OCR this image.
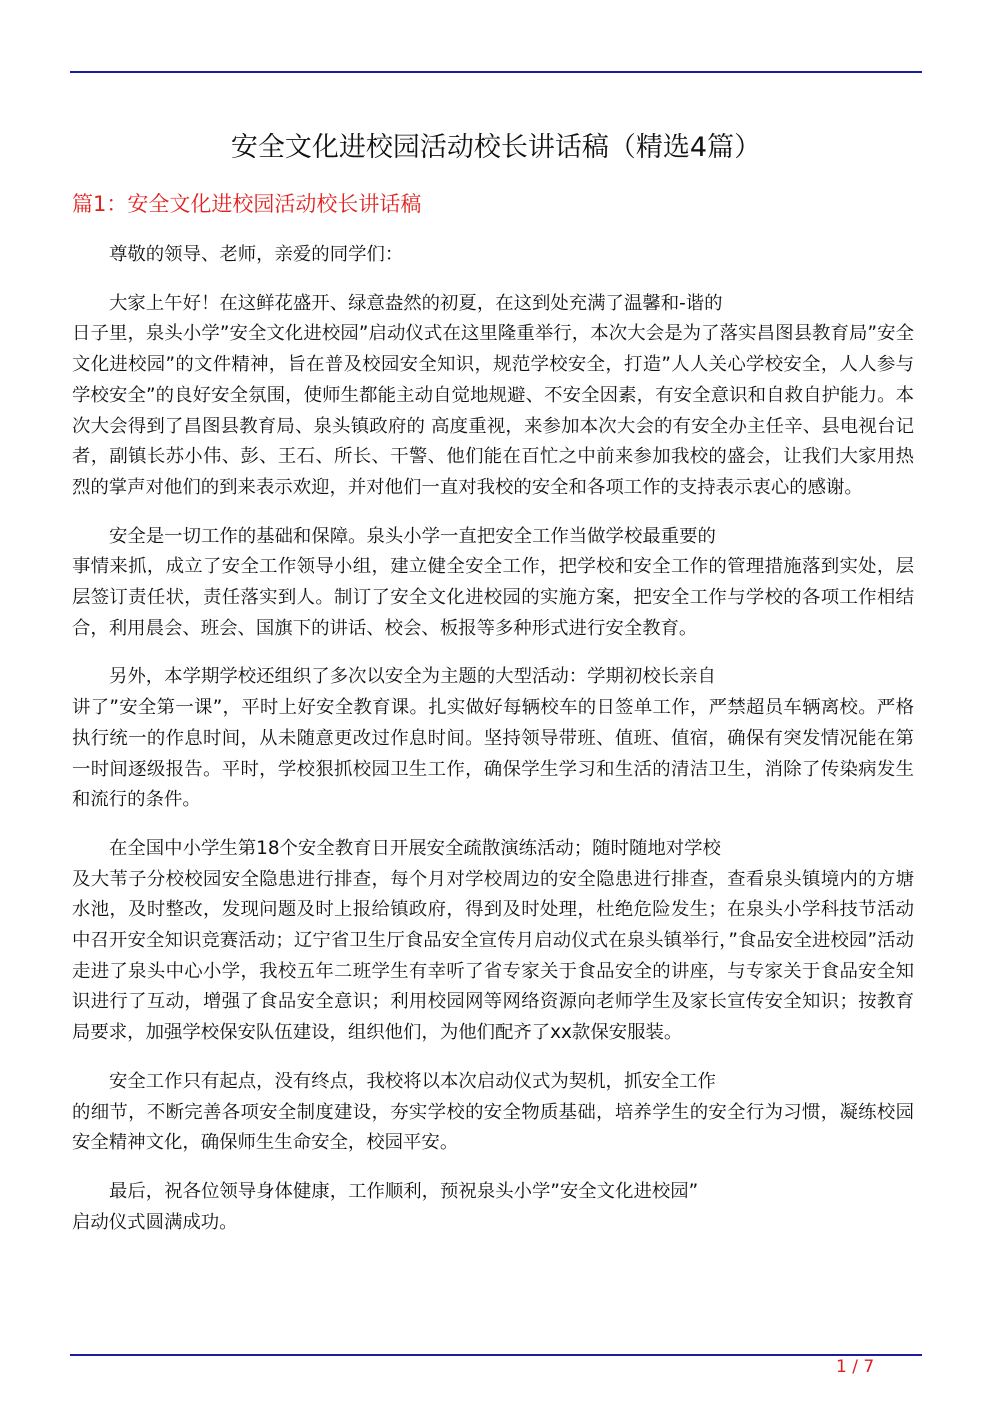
安全文化进校园活动校长讲话稿（精选4篇）
篇1：安全文化进校园活动校长讲话稿

尊敬的领导、老师，亲爱的同学们：

大家上午好！在这鲜花盛开、绿意盎然的初夏，在这到处充满了温馨和-谐的
日子里，泉头小学”安全文化进校园”启动仪式在这里隆重举行，本次大会是为了落实昌图县教育局”安全文化进校园”的文件精神，旨在普及校园安全知识，规范学校安全，打造”人人关心学校安全，人人参与学校安全”的良好安全氛围，使师生都能主动自觉地规避、不安全因素，有安全意识和自救自护能力。本次大会得到了昌图县教育局、泉头镇政府的 高度重视，来参加本次大会的有安全办主任辛、县电视台记者，副镇长苏小伟、彭、王石、所长、干警、他们能在百忙之中前来参加我校的盛会，让我们大家用热烈的掌声对他们的到来表示欢迎，并对他们一直对我校的安全和各项工作的支持表示衷心的感谢。

安全是一切工作的基础和保障。泉头小学一直把安全工作当做学校最重要的
事情来抓，成立了安全工作领导小组，建立健全安全工作，把学校和安全工作的管理措施落到实处，层层签订责任状，责任落实到人。制订了安全文化进校园的实施方案，把安全工作与学校的各项工作相结合，利用晨会、班会、国旗下的讲话、校会、板报等多种形式进行安全教育。

另外，本学期学校还组织了多次以安全为主题的大型活动：学期初校长亲自
讲了”安全第一课”，平时上好安全教育课。扎实做好每辆校车的日签单工作，严禁超员车辆离校。严格执行统一的作息时间，从未随意更改过作息时间。坚持领导带班、值班、值宿，确保有突发情况能在第一时间逐级报告。平时，学校狠抓校园卫生工作，确保学生学习和生活的清洁卫生，消除了传染病发生和流行的条件。

在全国中小学生第18个安全教育日开展安全疏散演练活动；随时随地对学校
及大苇子分校校园安全隐患进行排查，每个月对学校周边的安全隐患进行排查，查看泉头镇境内的方塘水池，及时整改，发现问题及时上报给镇政府，得到及时处理，杜绝危险发生；在泉头小学科技节活动中召开安全知识竞赛活动；辽宁省卫生厅食品安全宣传月启动仪式在泉头镇举行，”食品安全进校园”活动走进了泉头中心小学，我校五年二班学生有幸听了省专家关于食品安全的讲座，与专家关于食品安全知识进行了互动，增强了食品安全意识；利用校园网等网络资源向老师学生及家长宣传安全知识；按教育局要求，加强学校保安队伍建设，组织他们，为他们配齐了xx款保安服装。

安全工作只有起点，没有终点，我校将以本次启动仪式为契机，抓安全工作
的细节，不断完善各项安全制度建设，夯实学校的安全物质基础，培养学生的安全行为习惯，凝练校园安全精神文化，确保师生生命安全，校园平安。

最后，祝各位领导身体健康，工作顺利，预祝泉头小学”安全文化进校园”
启动仪式圆满成功。

1 / 7
